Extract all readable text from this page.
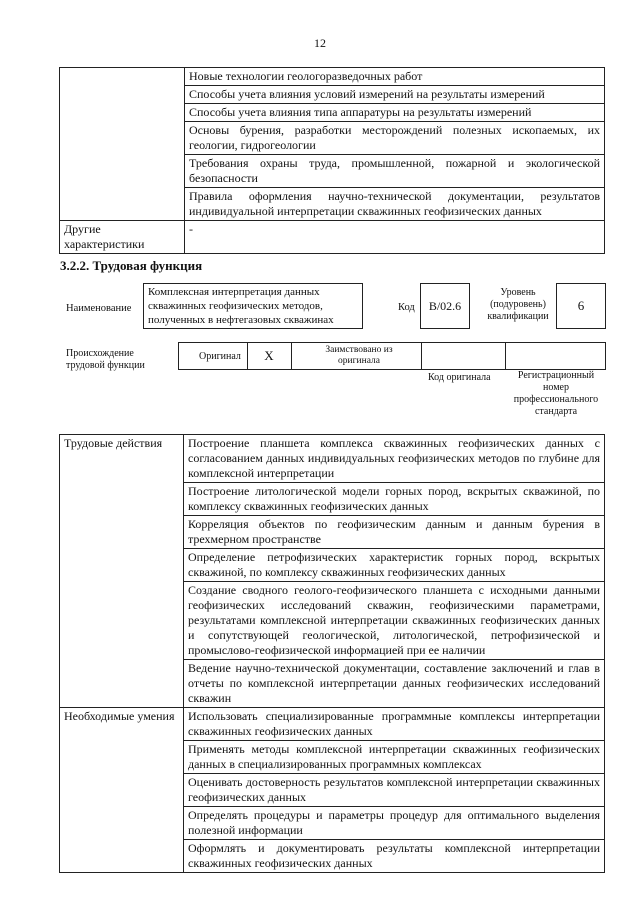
12
	Новые технологии геологоразведочных работ
	Способы учета влияния условий измерений на результаты измерений
	Способы учета влияния типа аппаратуры на результаты измерений
	Основы бурения, разработки месторождений полезных ископаемых, их геологии, гидрогеологии
	Требования охраны труда, промышленной, пожарной и экологической безопасности
	Правила оформления научно-технической документации, результатов индивидуальной интерпретации скважинных геофизических данных
Другие характеристики	-
3.2.2. Трудовая функция
Наименование
Комплексная интерпретация данных скважинных геофизических методов, полученных в нефтегазовых скважинах
Код	B/02.6
Уровень (подуровень) квалификации
6
Происхождение трудовой функции
Оригинал	X	Заимствовано из оригинала
Код оригинала	Регистрационный номер профессионального стандарта
Трудовые действия	Построение планшета комплекса скважинных геофизических данных с согласованием данных индивидуальных геофизических методов по глубине для комплексной интерпретации
	Построение литологической модели горных пород, вскрытых скважиной, по комплексу скважинных геофизических данных
	Корреляция объектов по геофизическим данным и данным бурения в трехмерном пространстве
	Определение петрофизических характеристик горных пород, вскрытых скважиной, по комплексу скважинных геофизических данных
	Создание сводного геолого-геофизического планшета с исходными данными геофизических исследований скважин, геофизическими параметрами, результатами комплексной интерпретации скважинных геофизических данных и сопутствующей геологической, литологической, петрофизической и промыслово-геофизической информацией при ее наличии
	Ведение научно-технической документации, составление заключений и глав в отчеты по комплексной интерпретации данных геофизических исследований скважин
Необходимые умения	Использовать специализированные программные комплексы интерпретации скважинных геофизических данных
	Применять методы комплексной интерпретации скважинных геофизических данных в специализированных программных комплексах
	Оценивать достоверность результатов комплексной интерпретации скважинных геофизических данных
	Определять процедуры и параметры процедур для оптимального выделения полезной информации
	Оформлять и документировать результаты комплексной интерпретации скважинных геофизических данных
